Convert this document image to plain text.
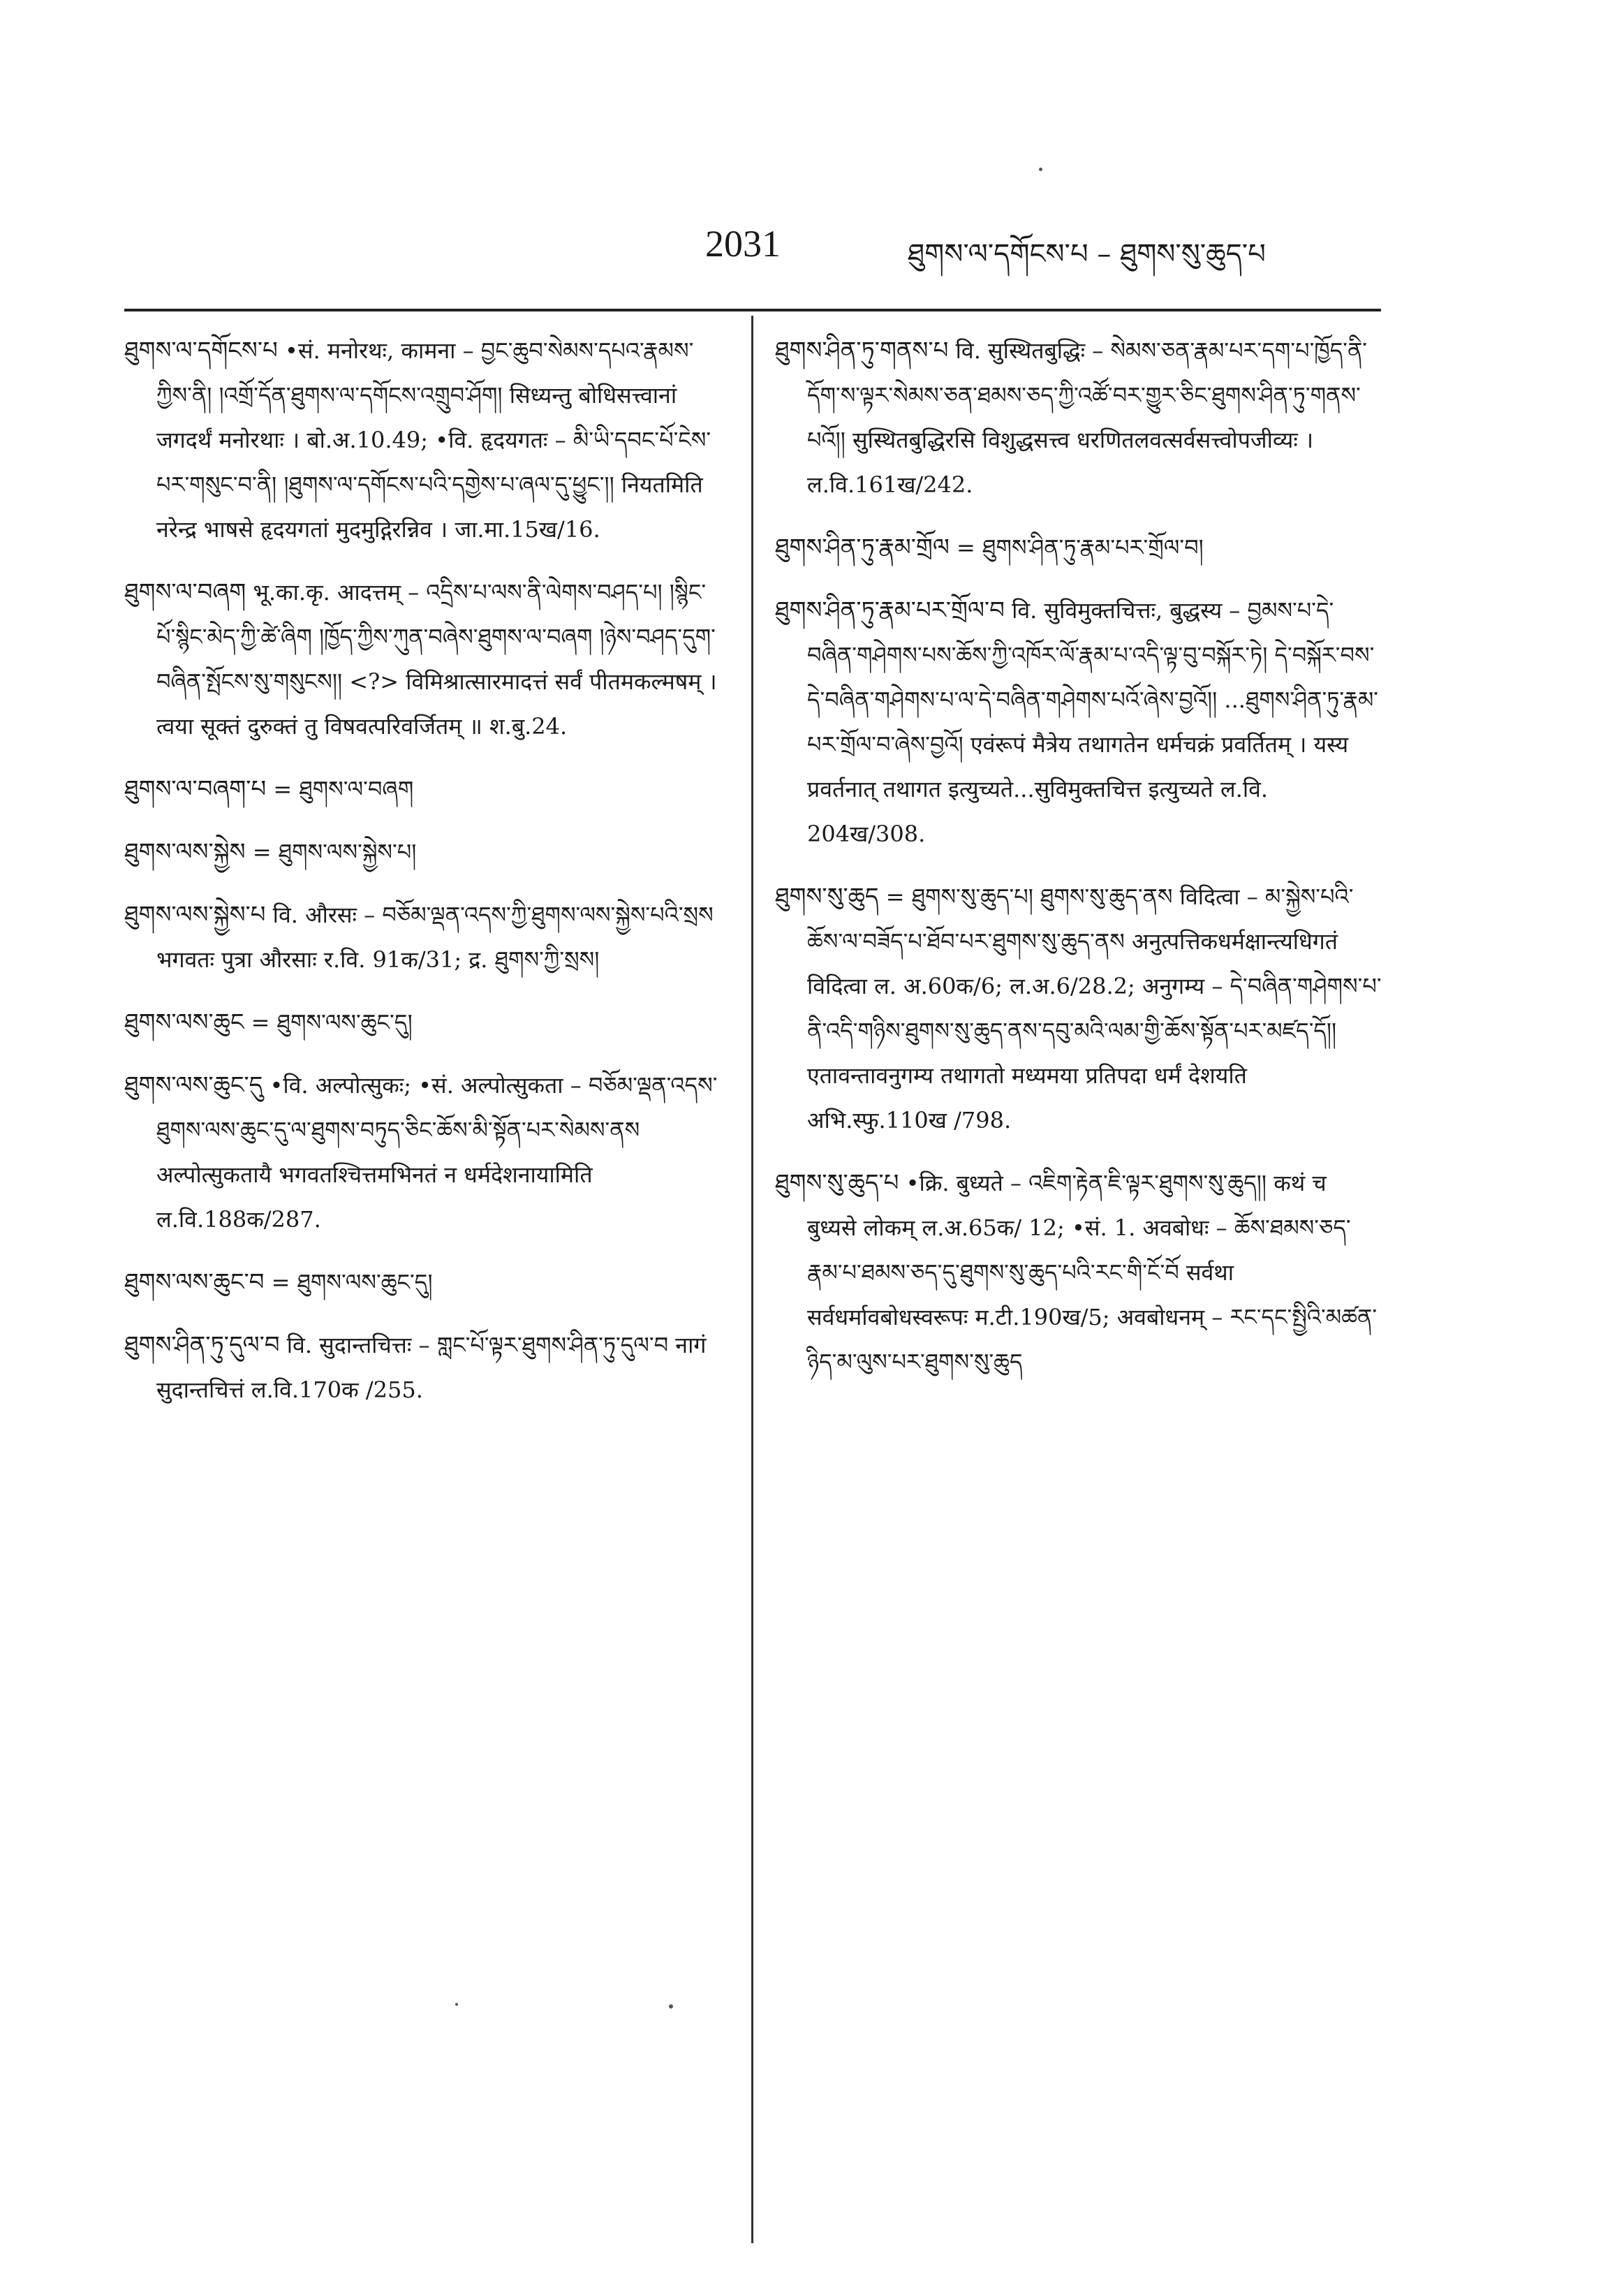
2031	ཐུགས་ལ་དགོངས་པ – ཐུགས་སུ་ཆུད་པ
ཐུགས་ལ་དགོངས་པ •सं. मनोरथः, कामना – བྱང་ཆུབ་སེམས་དཔའ་རྣམས་ཀྱིས་ནི། །འགྲོ་དོན་ཐུགས་ལ་དགོངས་འགྲུབ་ཤོག། सिध्यन्तु बोधिसत्त्वानां जगदर्थं मनोरथाः । बो.अ.10.49; •वि. हृदयगतः – མི་ཡི་དབང་པོ་ངེས་པར་གསུང་བ་ནི། །ཐུགས་ལ་དགོངས་པའི་དགྱེས་པ་ཞལ་དུ་ཕྱུང་།། नियतमिति नरेन्द्र भाषसे हृदयगतां मुदमुद्गिरन्निव । जा.मा.15ख/16.
ཐུགས་ལ་བཞག भू.का.कृ. आदत्तम् – འདྲིས་པ་ལས་ནི་ལེགས་བཤད་པ། །སྙིང་པོ་སྙིང་མེད་ཀྱི་ཚེ་ཞིག །ཁྱོད་ཀྱིས་ཀུན་བཞེས་ཐུགས་ལ་བཞག །ཉེས་བཤད་དུག་བཞིན་སྤོངས་སུ་གསུངས།། <?> विमिश्रात्सारमादत्तं सर्वं पीतमकल्मषम् । त्वया सूक्तं दुरुक्तं तु विषवत्परिवर्जितम् ॥ श.बु.24.
ཐུགས་ལ་བཞག་པ = ཐུགས་ལ་བཞག
ཐུགས་ལས་སྐྱེས = ཐུགས་ལས་སྐྱེས་པ།
ཐུགས་ལས་སྐྱེས་པ वि. औरसः – བཅོམ་ལྡན་འདས་ཀྱི་ཐུགས་ལས་སྐྱེས་པའི་སྲས भगवतः पुत्रा औरसाः र.वि. 91क/31; द्र. ཐུགས་ཀྱི་སྲས།
ཐུགས་ལས་ཆུང = ཐུགས་ལས་ཆུང་དུ།
ཐུགས་ལས་ཆུང་དུ •वि. अल्पोत्सुकः; •सं. अल्पोत्सुकता – བཅོམ་ལྡན་འདས་ཐུགས་ལས་ཆུང་དུ་ལ་ཐུགས་བཏུད་ཅིང་ཆོས་མི་སྟོན་པར་སེམས་ནས अल्पोत्सुकतायै भगवतश्चित्तमभिनतं न धर्मदेशनायामिति ल.वि.188क/287.
ཐུགས་ལས་ཆུང་བ = ཐུགས་ལས་ཆུང་དུ།
ཐུགས་ཤིན་ཏུ་དུལ་བ वि. सुदान्तचित्तः – གླང་པོ་ལྟར་ཐུགས་ཤིན་ཏུ་དུལ་བ नागं सुदान्तचित्तं ल.वि.170क /255.
ཐུགས་ཤིན་ཏུ་གནས་པ वि. सुस्थितबुद्धिः – སེམས་ཅན་རྣམ་པར་དག་པ་ཁྱོད་ནི་དོག་ས་ལྟར་སེམས་ཅན་ཐམས་ཅད་ཀྱི་འཚོ་བར་གྱུར་ཅིང་ཐུགས་ཤིན་ཏུ་གནས་པའོ།། सुस्थितबुद्धिरसि विशुद्धसत्त्व धरणितलवत्सर्वसत्त्वोपजीव्यः । ल.वि.161ख/242.
ཐུགས་ཤིན་ཏུ་རྣམ་གྲོལ = ཐུགས་ཤིན་ཏུ་རྣམ་པར་གྲོལ་བ།
ཐུགས་ཤིན་ཏུ་རྣམ་པར་གྲོལ་བ वि. सुविमुक्तचित्तः, बुद्धस्य – བྱམས་པ་དེ་བཞིན་གཤེགས་པས་ཆོས་ཀྱི་འཁོར་ལོ་རྣམ་པ་འདི་ལྟ་བུ་བསྐོར་ཏེ། དེ་བསྐོར་བས་དེ་བཞིན་གཤེགས་པ་ལ་དེ་བཞིན་གཤེགས་པའོ་ཞེས་བྱའོ།། ...ཐུགས་ཤིན་ཏུ་རྣམ་པར་གྲོལ་བ་ཞེས་བྱའོ། एवंरूपं मैत्रेय तथागतेन धर्मचक्रं प्रवर्तितम् । यस्य प्रवर्तनात् तथागत इत्युच्यते...सुविमुक्तचित्त इत्युच्यते ल.वि. 204ख/308.
ཐུགས་སུ་ཆུད = ཐུགས་སུ་ཆུད་པ། ཐུགས་སུ་ཆུད་ནས विदित्वा – མ་སྐྱེས་པའི་ཆོས་ལ་བཟོད་པ་ཐོབ་པར་ཐུགས་སུ་ཆུད་ནས अनुत्पत्तिकधर्मक्षान्त्यधिगतं विदित्वा ल. अ.60क/6; ल.अ.6/28.2; अनुगम्य – དེ་བཞིན་གཤེགས་པ་ནི་འདི་གཉིས་ཐུགས་སུ་ཆུད་ནས་དབུ་མའི་ལམ་གྱི་ཆོས་སྟོན་པར་མཛད་དོ།། एतावन्तावनुगम्य तथागतो मध्यमया प्रतिपदा धर्मं देशयति अभि.स्फु.110ख /798.
ཐུགས་སུ་ཆུད་པ •क्रि. बुध्यते – འཇིག་རྟེན་ཇི་ལྟར་ཐུགས་སུ་ཆུད།། कथं च बुध्यसे लोकम् ल.अ.65क/ 12; •सं. 1. अवबोधः – ཆོས་ཐམས་ཅད་རྣམ་པ་ཐམས་ཅད་དུ་ཐུགས་སུ་ཆུད་པའི་རང་གི་ངོ་བོ सर्वथा सर्वधर्मावबोधस्वरूपः म.टी.190ख/5; अवबोधनम् – རང་དང་སྤྱིའི་མཚན་ཉིད་མ་ལུས་པར་ཐུགས་སུ་ཆུད
